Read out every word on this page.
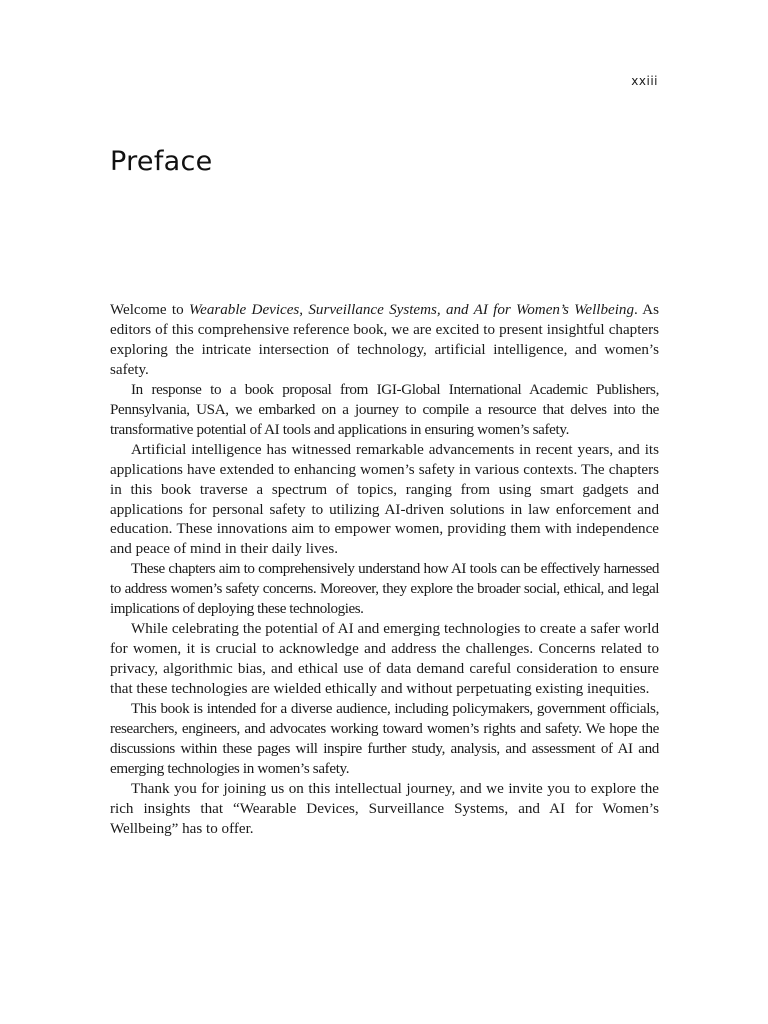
xxiii
Preface

Welcome to Wearable Devices, Surveillance Systems, and AI for Women’s Wellbeing. As editors of this comprehensive reference book, we are excited to present insightful chapters exploring the intricate intersection of technology, artificial intelligence, and women’s safety.

In response to a book proposal from IGI-Global International Academic Publishers, Pennsylvania, USA, we embarked on a journey to compile a resource that delves into the transformative potential of AI tools and applications in ensuring women’s safety.

Artificial intelligence has witnessed remarkable advancements in recent years, and its applications have extended to enhancing women’s safety in various contexts. The chapters in this book traverse a spectrum of topics, ranging from using smart gadgets and applications for personal safety to utilizing AI-driven solutions in law enforcement and education. These innovations aim to empower women, providing them with independence and peace of mind in their daily lives.

These chapters aim to comprehensively understand how AI tools can be effectively harnessed to address women’s safety concerns. Moreover, they explore the broader social, ethical, and legal implications of deploying these technologies.

While celebrating the potential of AI and emerging technologies to create a safer world for women, it is crucial to acknowledge and address the challenges. Concerns related to privacy, algorithmic bias, and ethical use of data demand careful consideration to ensure that these technologies are wielded ethically and without perpetuating existing inequities.

This book is intended for a diverse audience, including policymakers, government officials, researchers, engineers, and advocates working toward women’s rights and safety. We hope the discussions within these pages will inspire further study, analysis, and assessment of AI and emerging technologies in women’s safety.

Thank you for joining us on this intellectual journey, and we invite you to explore the rich insights that “Wearable Devices, Surveillance Systems, and AI for Women’s Wellbeing” has to offer.
